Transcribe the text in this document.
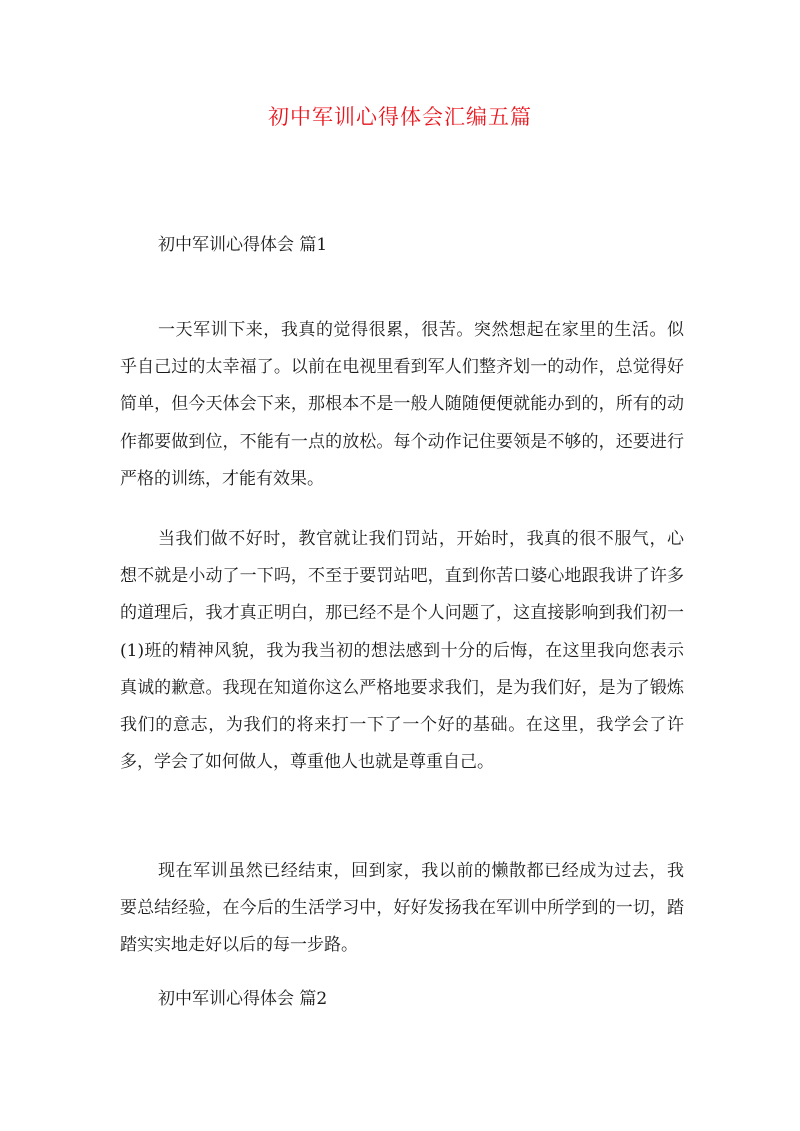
初中军训心得体会汇编五篇
初中军训心得体会 篇1

一天军训下来，我真的觉得很累，很苦。突然想起在家里的生活。似乎自己过的太幸福了。以前在电视里看到军人们整齐划一的动作，总觉得好简单，但今天体会下来，那根本不是一般人随随便便就能办到的，所有的动作都要做到位，不能有一点的放松。每个动作记住要领是不够的，还要进行严格的训练，才能有效果。

当我们做不好时，教官就让我们罚站，开始时，我真的很不服气，心想不就是小动了一下吗，不至于要罚站吧，直到你苦口婆心地跟我讲了许多的道理后，我才真正明白，那已经不是个人问题了，这直接影响到我们初一(1)班的精神风貌，我为我当初的想法感到十分的后悔，在这里我向您表示真诚的歉意。我现在知道你这么严格地要求我们，是为我们好，是为了锻炼我们的意志，为我们的将来打一下了一个好的基础。在这里，我学会了许多，学会了如何做人，尊重他人也就是尊重自己。

现在军训虽然已经结束，回到家，我以前的懒散都已经成为过去，我要总结经验，在今后的生活学习中，好好发扬我在军训中所学到的一切，踏踏实实地走好以后的每一步路。

初中军训心得体会 篇2
